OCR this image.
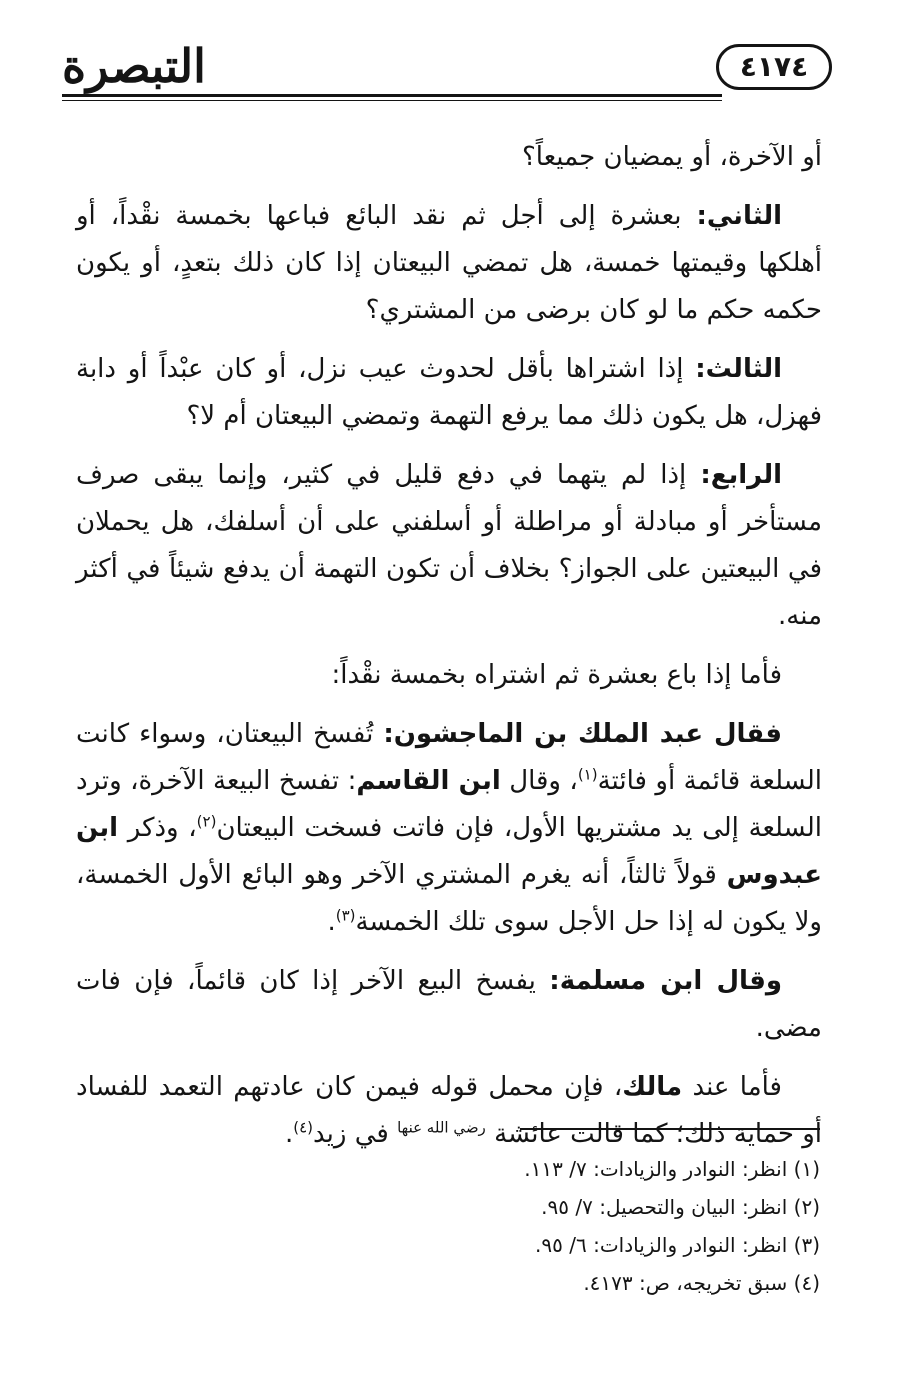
التبصرة	٤١٧٤

أو الآخرة، أو يمضيان جميعاً؟

الثاني: بعشرة إلى أجل ثم نقد البائع فباعها بخمسة نقْداً، أو أهلكها وقيمتها خمسة، هل تمضي البيعتان إذا كان ذلك بتعدٍ، أو يكون حكمه حكم ما لو كان برضى من المشتري؟

الثالث: إذا اشتراها بأقل لحدوث عيب نزل، أو كان عبْداً أو دابة فهزل، هل يكون ذلك مما يرفع التهمة وتمضي البيعتان أم لا؟

الرابع: إذا لم يتهما في دفع قليل في كثير، وإنما يبقى صرف مستأخر أو مبادلة أو مراطلة أو أسلفني على أن أسلفك، هل يحملان في البيعتين على الجواز؟ بخلاف أن تكون التهمة أن يدفع شيئاً في أكثر منه.

فأما إذا باع بعشرة ثم اشتراه بخمسة نقْداً:

فقال عبد الملك بن الماجشون: تُفسخ البيعتان، وسواء كانت السلعة قائمة أو فائتة$^{(١)}$، وقال ابن القاسم: تفسخ البيعة الآخرة، وترد السلعة إلى يد مشتريها الأول، فإن فاتت فسخت البيعتان$^{(٢)}$، وذكر ابن عبدوس قولاً ثالثاً، أنه يغرم المشتري الآخر وهو البائع الأول الخمسة، ولا يكون له إذا حل الأجل سوى تلك الخمسة$^{(٣)}$.

وقال ابن مسلمة: يفسخ البيع الآخر إذا كان قائماً، فإن فات مضى.

فأما عند مالك، فإن محمل قوله فيمن كان عادتهم التعمد للفساد أو حماية ذلك؛ كما قالت عائشة $^{رضي الله عنها}$ في زيد$^{(٤)}$.

(١) انظر: النوادر والزيادات: ٧/ ١١٣.

(٢) انظر: البيان والتحصيل: ٧/ ٩٥.

(٣) انظر: النوادر والزيادات: ٦/ ٩٥.

(٤) سبق تخريجه، ص: ٤١٧٣.
